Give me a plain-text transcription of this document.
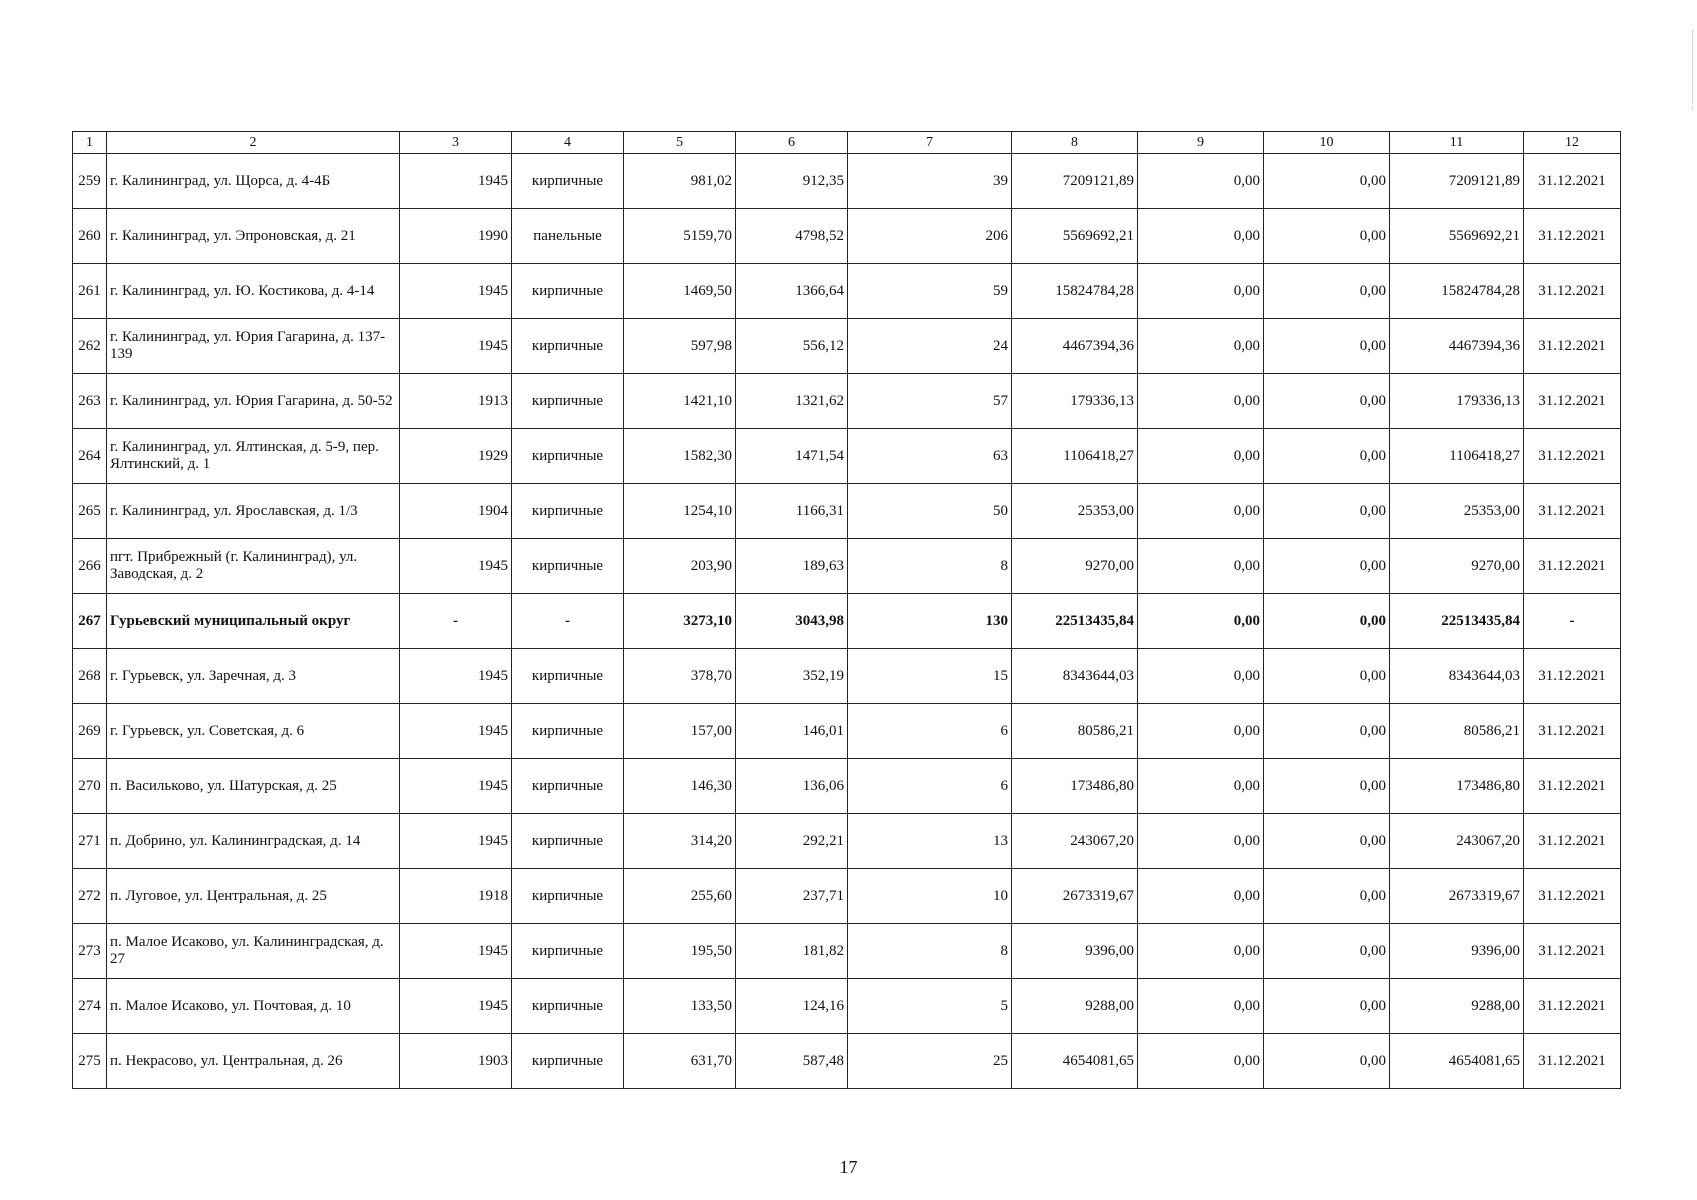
1	2	3	4	5	6	7	8	9	10	11	12
259	г. Калининград, ул. Щорса, д. 4-4Б	1945	кирпичные	981,02	912,35	39	7209121,89	0,00	0,00	7209121,89	31.12.2021
260	г. Калининград, ул. Эпроновская, д. 21	1990	панельные	5159,70	4798,52	206	5569692,21	0,00	0,00	5569692,21	31.12.2021
261	г. Калининград, ул. Ю. Костикова, д. 4-14	1945	кирпичные	1469,50	1366,64	59	15824784,28	0,00	0,00	15824784,28	31.12.2021
262	г. Калининград, ул. Юрия Гагарина, д. 137-139	1945	кирпичные	597,98	556,12	24	4467394,36	0,00	0,00	4467394,36	31.12.2021
263	г. Калининград, ул. Юрия Гагарина, д. 50-52	1913	кирпичные	1421,10	1321,62	57	179336,13	0,00	0,00	179336,13	31.12.2021
264	г. Калининград, ул. Ялтинская, д. 5-9, пер. Ялтинский, д. 1	1929	кирпичные	1582,30	1471,54	63	1106418,27	0,00	0,00	1106418,27	31.12.2021
265	г. Калининград, ул. Ярославская, д. 1/3	1904	кирпичные	1254,10	1166,31	50	25353,00	0,00	0,00	25353,00	31.12.2021
266	пгт. Прибрежный (г. Калининград), ул. Заводская, д. 2	1945	кирпичные	203,90	189,63	8	9270,00	0,00	0,00	9270,00	31.12.2021
267	Гурьевский муниципальный округ	-	-	3273,10	3043,98	130	22513435,84	0,00	0,00	22513435,84	-
268	г. Гурьевск, ул. Заречная, д. 3	1945	кирпичные	378,70	352,19	15	8343644,03	0,00	0,00	8343644,03	31.12.2021
269	г. Гурьевск, ул. Советская, д. 6	1945	кирпичные	157,00	146,01	6	80586,21	0,00	0,00	80586,21	31.12.2021
270	п. Васильково, ул. Шатурская, д. 25	1945	кирпичные	146,30	136,06	6	173486,80	0,00	0,00	173486,80	31.12.2021
271	п. Добрино, ул. Калининградская, д. 14	1945	кирпичные	314,20	292,21	13	243067,20	0,00	0,00	243067,20	31.12.2021
272	п. Луговое, ул. Центральная, д. 25	1918	кирпичные	255,60	237,71	10	2673319,67	0,00	0,00	2673319,67	31.12.2021
273	п. Малое Исаково, ул. Калининградская, д. 27	1945	кирпичные	195,50	181,82	8	9396,00	0,00	0,00	9396,00	31.12.2021
274	п. Малое Исаково, ул. Почтовая, д. 10	1945	кирпичные	133,50	124,16	5	9288,00	0,00	0,00	9288,00	31.12.2021
275	п. Некрасово, ул. Центральная, д. 26	1903	кирпичные	631,70	587,48	25	4654081,65	0,00	0,00	4654081,65	31.12.2021
17
